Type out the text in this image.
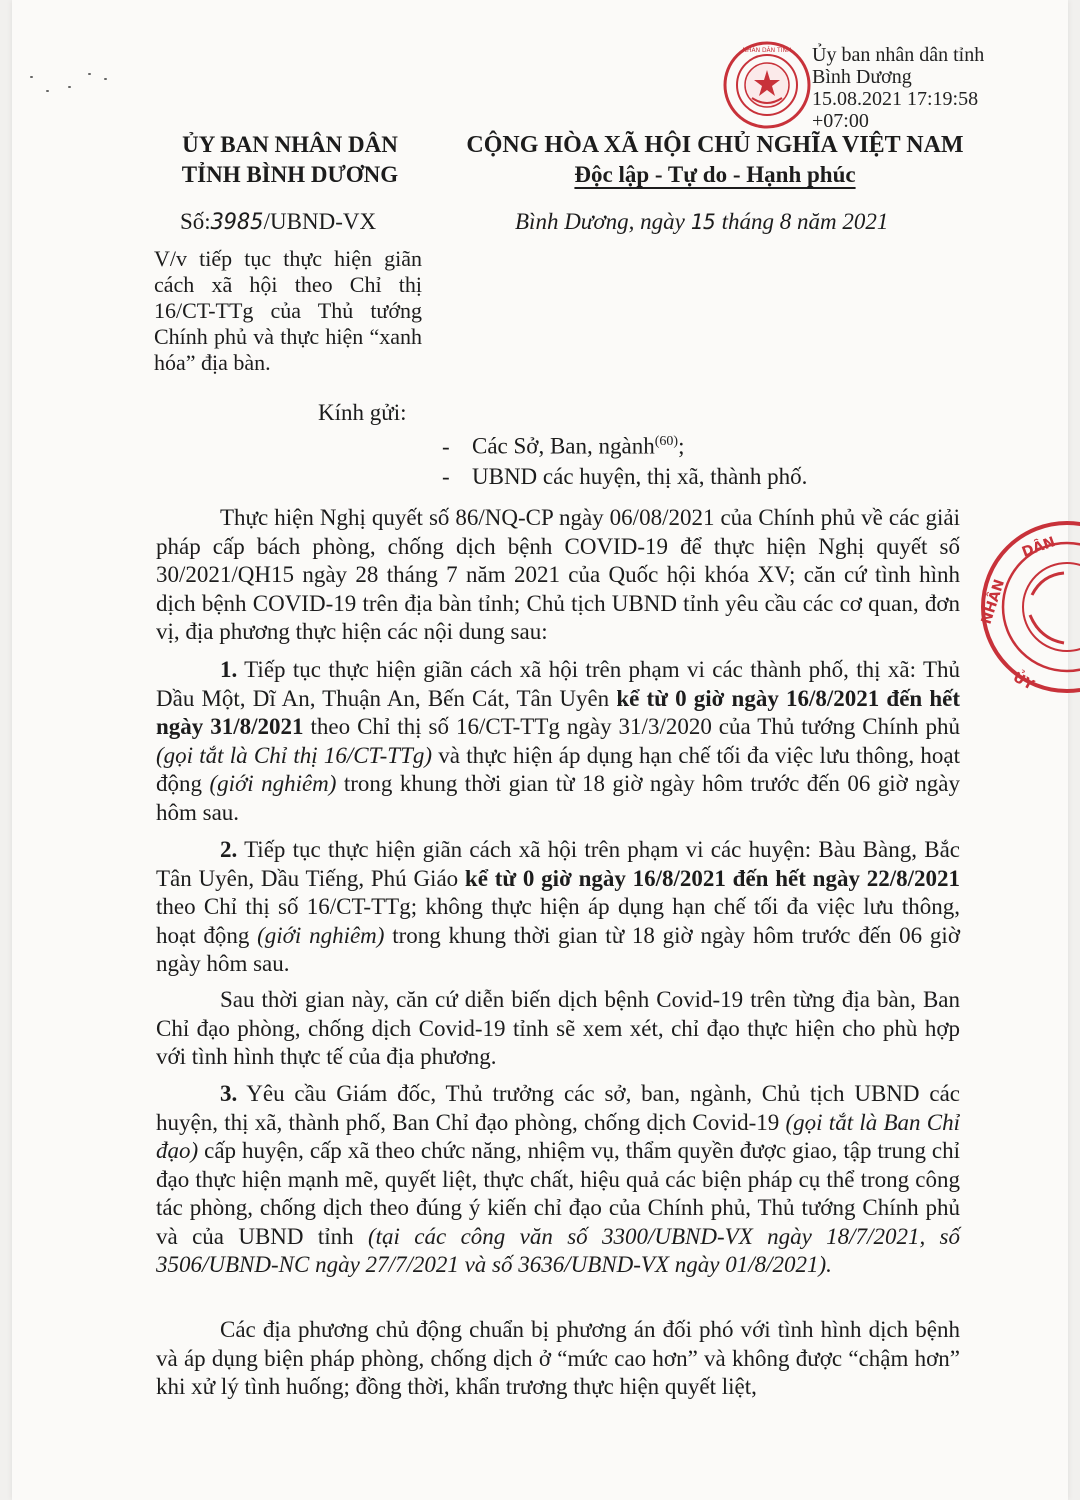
NHÂN DÂN TỈNH Ủy ban nhân dân tỉnh
Bình Dương
15.08.2021 17:19:58
+07:00
DÂN
NHÂN
ỦY
ỦY BAN NHÂN DÂN
TỈNH BÌNH DƯƠNG
CỘNG HÒA XÃ HỘI CHỦ NGHĨA VIỆT NAM
Độc lập - Tự do - Hạnh phúc
Số:3985/UBND-VX	Bình Dương, ngày 15 tháng 8 năm 2021
V/v tiếp tục thực hiện giãn cách xã hội theo Chỉ thị 16/CT-TTg của Thủ tướng Chính phủ và thực hiện “xanh hóa” địa bàn.
Kính gửi:
- Các Sở, Ban, ngành$^{(60)}$;
- UBND các huyện, thị xã, thành phố.

Thực hiện Nghị quyết số 86/NQ-CP ngày 06/08/2021 của Chính phủ về các giải pháp cấp bách phòng, chống dịch bệnh COVID-19 để thực hiện Nghị quyết số 30/2021/QH15 ngày 28 tháng 7 năm 2021 của Quốc hội khóa XV; căn cứ tình hình dịch bệnh COVID-19 trên địa bàn tỉnh; Chủ tịch UBND tỉnh yêu cầu các cơ quan, đơn vị, địa phương thực hiện các nội dung sau:

1. Tiếp tục thực hiện giãn cách xã hội trên phạm vi các thành phố, thị xã: Thủ Dầu Một, Dĩ An, Thuận An, Bến Cát, Tân Uyên kể từ 0 giờ ngày 16/8/2021 đến hết ngày 31/8/2021 theo Chỉ thị số 16/CT-TTg ngày 31/3/2020 của Thủ tướng Chính phủ (gọi tắt là Chỉ thị 16/CT-TTg) và thực hiện áp dụng hạn chế tối đa việc lưu thông, hoạt động (giới nghiêm) trong khung thời gian từ 18 giờ ngày hôm trước đến 06 giờ ngày hôm sau.

2. Tiếp tục thực hiện giãn cách xã hội trên phạm vi các huyện: Bàu Bàng, Bắc Tân Uyên, Dầu Tiếng, Phú Giáo kể từ 0 giờ ngày 16/8/2021 đến hết ngày 22/8/2021 theo Chỉ thị số 16/CT-TTg; không thực hiện áp dụng hạn chế tối đa việc lưu thông, hoạt động (giới nghiêm) trong khung thời gian từ 18 giờ ngày hôm trước đến 06 giờ ngày hôm sau.

Sau thời gian này, căn cứ diễn biến dịch bệnh Covid-19 trên từng địa bàn, Ban Chỉ đạo phòng, chống dịch Covid-19 tỉnh sẽ xem xét, chỉ đạo thực hiện cho phù hợp với tình hình thực tế của địa phương.

3. Yêu cầu Giám đốc, Thủ trưởng các sở, ban, ngành, Chủ tịch UBND các huyện, thị xã, thành phố, Ban Chỉ đạo phòng, chống dịch Covid-19 (gọi tắt là Ban Chỉ đạo) cấp huyện, cấp xã theo chức năng, nhiệm vụ, thẩm quyền được giao, tập trung chỉ đạo thực hiện mạnh mẽ, quyết liệt, thực chất, hiệu quả các biện pháp cụ thể trong công tác phòng, chống dịch theo đúng ý kiến chỉ đạo của Chính phủ, Thủ tướng Chính phủ và của UBND tỉnh (tại các công văn số 3300/UBND-VX ngày 18/7/2021, số 3506/UBND-NC ngày 27/7/2021 và số 3636/UBND-VX ngày 01/8/2021).

Các địa phương chủ động chuẩn bị phương án đối phó với tình hình dịch bệnh và áp dụng biện pháp phòng, chống dịch ở “mức cao hơn” và không được “chậm hơn” khi xử lý tình huống; đồng thời, khẩn trương thực hiện quyết liệt,
